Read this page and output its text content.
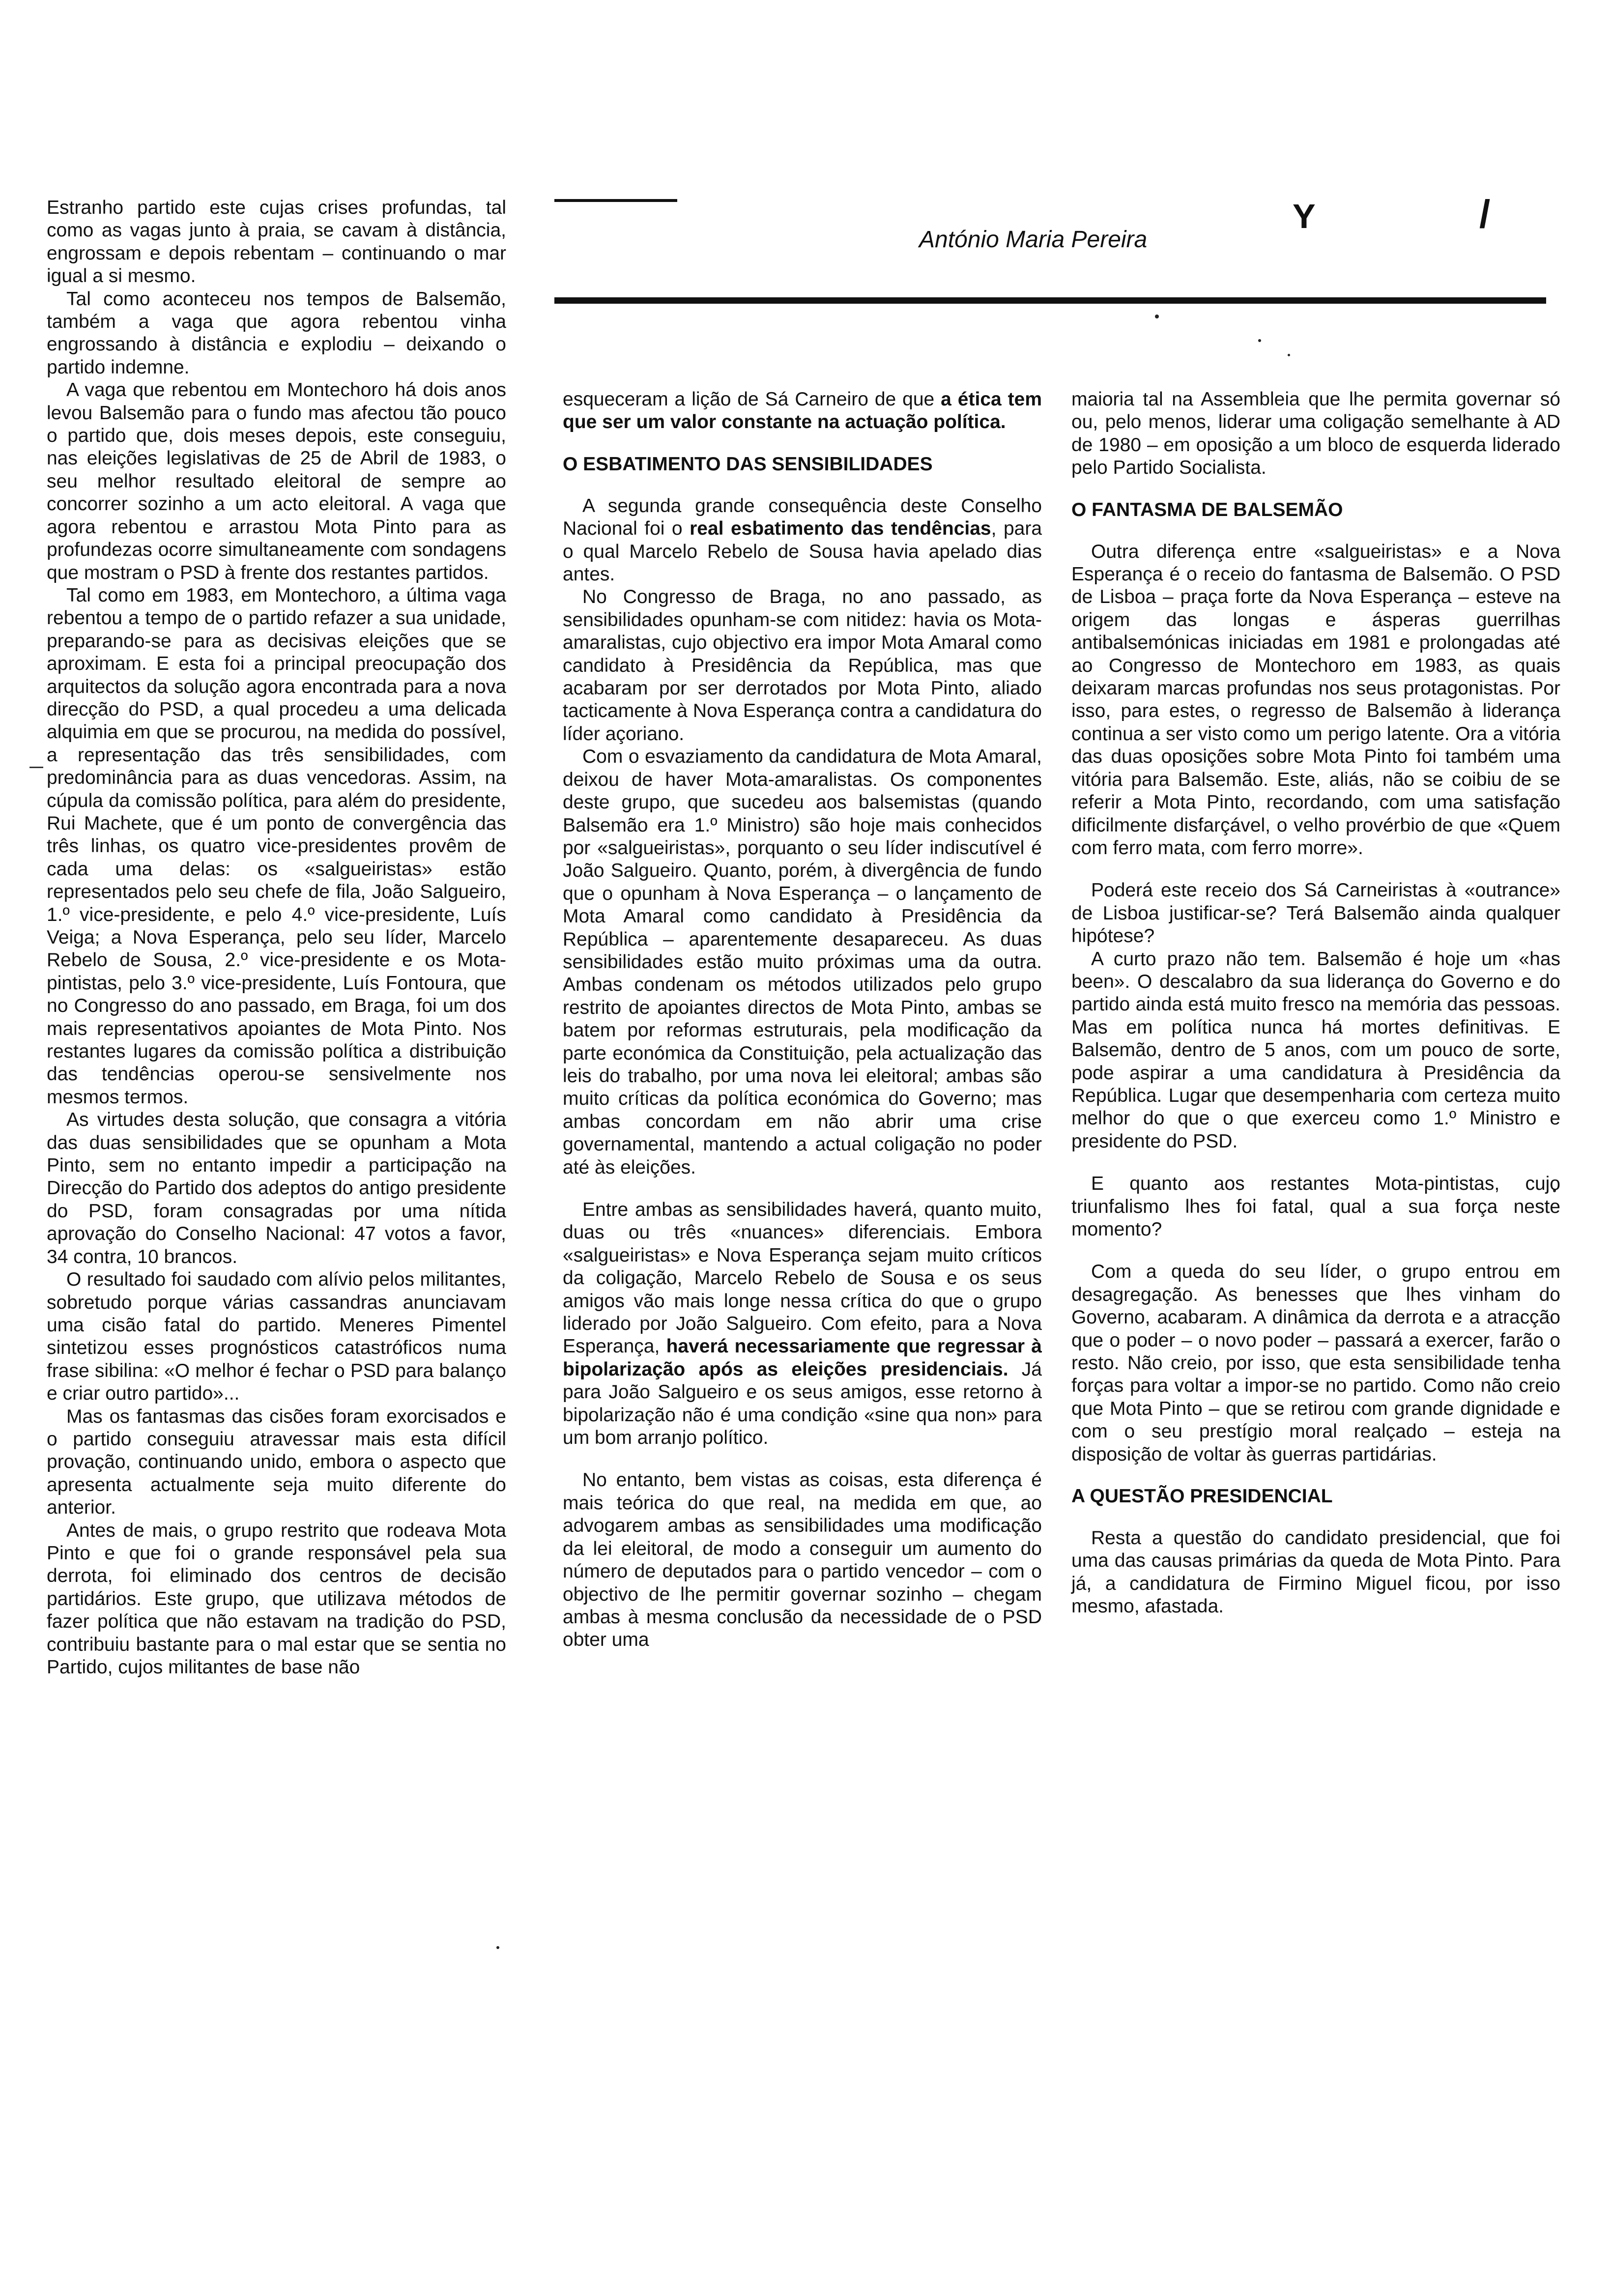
António Maria Pereira
Y	/

Estranho partido este cujas crises profundas, tal como as vagas junto à praia, se cavam à distância, engrossam e depois rebentam – continuando o mar igual a si mesmo.

Tal como aconteceu nos tempos de Balsemão, também a vaga que agora rebentou vinha engrossando à distância e explodiu – deixando o partido indemne.

A vaga que rebentou em Montechoro há dois anos levou Balsemão para o fundo mas afectou tão pouco o partido que, dois meses depois, este conseguiu, nas eleições legislativas de 25 de Abril de 1983, o seu melhor resultado eleitoral de sempre ao concorrer sozinho a um acto eleitoral. A vaga que agora rebentou e arrastou Mota Pinto para as profundezas ocorre simultaneamente com sondagens que mostram o PSD à frente dos restantes partidos.

Tal como em 1983, em Montechoro, a última vaga rebentou a tempo de o partido refazer a sua unidade, preparando-se para as decisivas eleições que se aproximam. E esta foi a principal preocupação dos arquitectos da solução agora encontrada para a nova direcção do PSD, a qual procedeu a uma delicada alquimia em que se procurou, na medida do possível, a representação das três sensibilidades, com predominância para as duas vencedoras. Assim, na cúpula da comissão política, para além do presidente, Rui Machete, que é um ponto de convergência das três linhas, os quatro vice-presidentes provêm de cada uma delas: os «salgueiristas» estão representados pelo seu chefe de fila, João Salgueiro, 1.º vice-presidente, e pelo 4.º vice-presidente, Luís Veiga; a Nova Esperança, pelo seu líder, Marcelo Rebelo de Sousa, 2.º vice-presidente e os Mota-pintistas, pelo 3.º vice-presidente, Luís Fontoura, que no Congresso do ano passado, em Braga, foi um dos mais representativos apoiantes de Mota Pinto. Nos restantes lugares da comissão política a distribuição das tendências operou-se sensivelmente nos mesmos termos.

As virtudes desta solução, que consagra a vitória das duas sensibilidades que se opunham a Mota Pinto, sem no entanto impedir a participação na Direcção do Partido dos adeptos do antigo presidente do PSD, foram consagradas por uma nítida aprovação do Conselho Nacional: 47 votos a favor, 34 contra, 10 brancos.

O resultado foi saudado com alívio pelos militantes, sobretudo porque várias cassandras anunciavam uma cisão fatal do partido. Meneres Pimentel sintetizou esses prognósticos catastróficos numa frase sibilina: «O melhor é fechar o PSD para balanço e criar outro partido»...

Mas os fantasmas das cisões foram exorcisados e o partido conseguiu atravessar mais esta difícil provação, continuando unido, embora o aspecto que apresenta actualmente seja muito diferente do anterior.

Antes de mais, o grupo restrito que rodeava Mota Pinto e que foi o grande responsável pela sua derrota, foi eliminado dos centros de decisão partidários. Este grupo, que utilizava métodos de fazer política que não estavam na tradição do PSD, contribuiu bastante para o mal estar que se sentia no Partido, cujos militantes de base não

esqueceram a lição de Sá Carneiro de que a ética tem que ser um valor constante na actuação política.

O ESBATIMENTO DAS SENSIBILIDADES

A segunda grande consequência deste Conselho Nacional foi o real esbatimento das tendências, para o qual Marcelo Rebelo de Sousa havia apelado dias antes.

No Congresso de Braga, no ano passado, as sensibilidades opunham-se com nitidez: havia os Mota-amaralistas, cujo objectivo era impor Mota Amaral como candidato à Presidência da República, mas que acabaram por ser derrotados por Mota Pinto, aliado tacticamente à Nova Esperança contra a candidatura do líder açoriano.

Com o esvaziamento da candidatura de Mota Amaral, deixou de haver Mota-amaralistas. Os componentes deste grupo, que sucedeu aos balsemistas (quando Balsemão era 1.º Ministro) são hoje mais conhecidos por «salgueiristas», porquanto o seu líder indiscutível é João Salgueiro. Quanto, porém, à divergência de fundo que o opunham à Nova Esperança – o lançamento de Mota Amaral como candidato à Presidência da República – aparentemente desapareceu. As duas sensibilidades estão muito próximas uma da outra. Ambas condenam os métodos utilizados pelo grupo restrito de apoiantes directos de Mota Pinto, ambas se batem por reformas estruturais, pela modificação da parte económica da Constituição, pela actualização das leis do trabalho, por uma nova lei eleitoral; ambas são muito críticas da política económica do Governo; mas ambas concordam em não abrir uma crise governamental, mantendo a actual coligação no poder até às eleições.

Entre ambas as sensibilidades haverá, quanto muito, duas ou três «nuances» diferenciais. Embora «salgueiristas» e Nova Esperança sejam muito críticos da coligação, Marcelo Rebelo de Sousa e os seus amigos vão mais longe nessa crítica do que o grupo liderado por João Salgueiro. Com efeito, para a Nova Esperança, haverá necessariamente que regressar à bipolarização após as eleições presidenciais. Já para João Salgueiro e os seus amigos, esse retorno à bipolarização não é uma condição «sine qua non» para um bom arranjo político.

No entanto, bem vistas as coisas, esta diferença é mais teórica do que real, na medida em que, ao advogarem ambas as sensibilidades uma modificação da lei eleitoral, de modo a conseguir um aumento do número de deputados para o partido vencedor – com o objectivo de lhe permitir governar sozinho – chegam ambas à mesma conclusão da necessidade de o PSD obter uma

maioria tal na Assembleia que lhe permita governar só ou, pelo menos, liderar uma coligação semelhante à AD de 1980 – em oposição a um bloco de esquerda liderado pelo Partido Socialista.

O FANTASMA DE BALSEMÃO

Outra diferença entre «salgueiristas» e a Nova Esperança é o receio do fantasma de Balsemão. O PSD de Lisboa – praça forte da Nova Esperança – esteve na origem das longas e ásperas guerrilhas antibalsemónicas iniciadas em 1981 e prolongadas até ao Congresso de Montechoro em 1983, as quais deixaram marcas profundas nos seus protagonistas. Por isso, para estes, o regresso de Balsemão à liderança continua a ser visto como um perigo latente. Ora a vitória das duas oposições sobre Mota Pinto foi também uma vitória para Balsemão. Este, aliás, não se coibiu de se referir a Mota Pinto, recordando, com uma satisfação dificilmente disfarçável, o velho provérbio de que «Quem com ferro mata, com ferro morre».

Poderá este receio dos Sá Carneiristas à «outrance» de Lisboa justificar-se? Terá Balsemão ainda qualquer hipótese?

A curto prazo não tem. Balsemão é hoje um «has been». O descalabro da sua liderança do Governo e do partido ainda está muito fresco na memória das pessoas. Mas em política nunca há mortes definitivas. E Balsemão, dentro de 5 anos, com um pouco de sorte, pode aspirar a uma candidatura à Presidência da República. Lugar que desempenharia com certeza muito melhor do que o que exerceu como 1.º Ministro e presidente do PSD.

E quanto aos restantes Mota-pintistas, cujo triunfalismo lhes foi fatal, qual a sua força neste momento?

Com a queda do seu líder, o grupo entrou em desagregação. As benesses que lhes vinham do Governo, acabaram. A dinâmica da derrota e a atracção que o poder – o novo poder – passará a exercer, farão o resto. Não creio, por isso, que esta sensibilidade tenha forças para voltar a impor-se no partido. Como não creio que Mota Pinto – que se retirou com grande dignidade e com o seu prestígio moral realçado – esteja na disposição de voltar às guerras partidárias.

A QUESTÃO PRESIDENCIAL

Resta a questão do candidato presidencial, que foi uma das causas primárias da queda de Mota Pinto. Para já, a candidatura de Firmino Miguel ficou, por isso mesmo, afastada.
